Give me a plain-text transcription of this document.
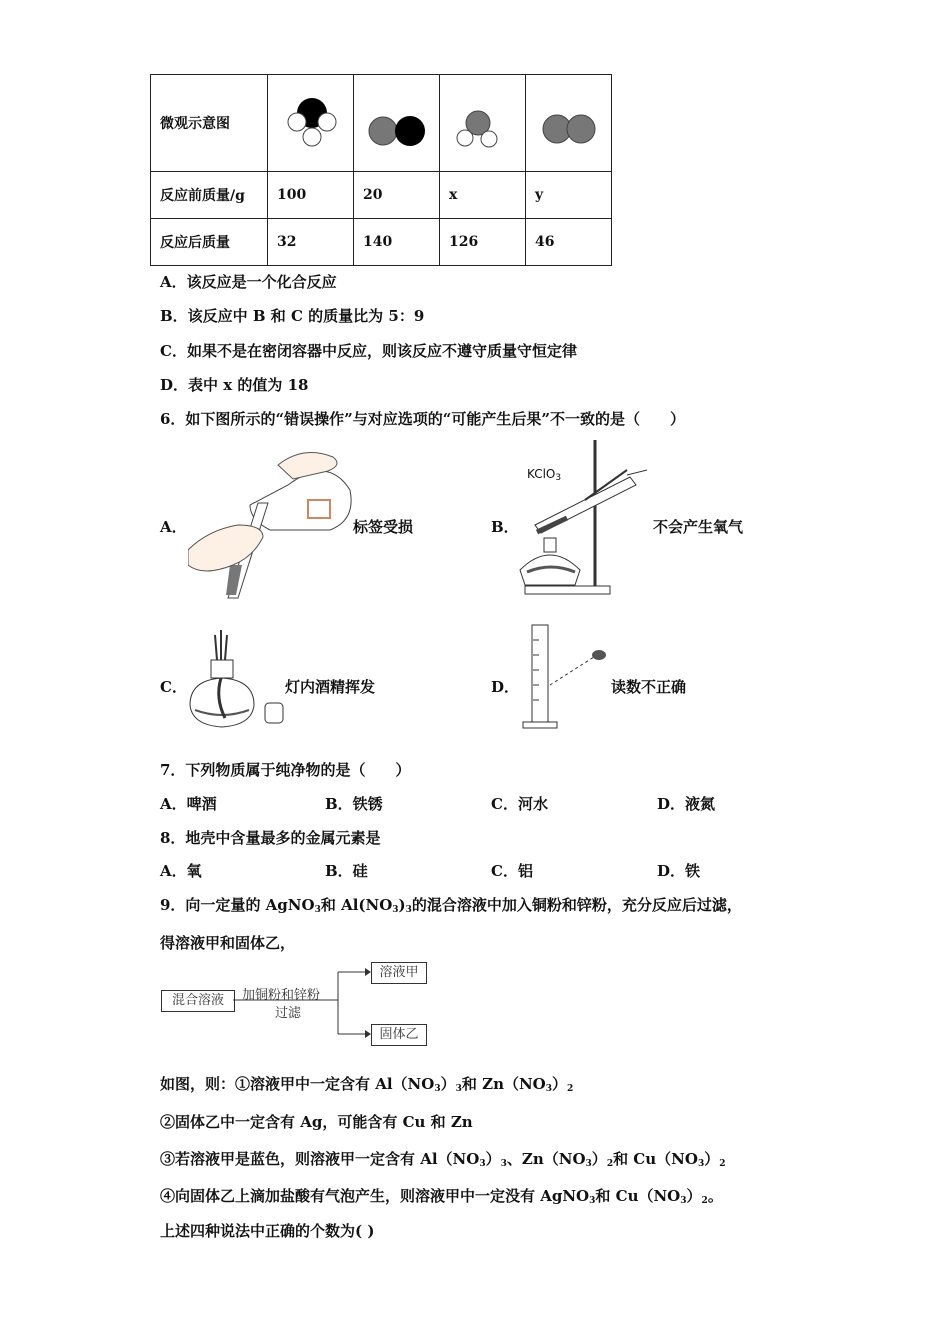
微观示意图				
反应前质量/g	100	20	x	y
反应后质量	32	140	126	46
A．该反应是一个化合反应
B．该反应中 B 和 C 的质量比为 5：9
C．如果不是在密闭容器中反应，则该反应不遵守质量守恒定律
D．表中 x 的值为 18
6．如下图所示的“错误操作”与对应选项的“可能产生后果”不一致的是（　　）
A．	标签受损	B．
KClO$_3$
不会产生氧气
C．	灯内酒精挥发	D．	读数不正确
7．下列物质属于纯净物的是（　　）
A．啤酒	B．铁锈	C．河水	D．液氮
8．地壳中含量最多的金属元素是
A．氧	B．硅	C．铝	D．铁
9．向一定量的 AgNO$_3$和 $Al(NO_3)_3$的混合溶液中加入铜粉和锌粉，充分反应后过滤，
得溶液甲和固体乙，
混合溶液	加铜粉和锌粉
过滤
溶液甲
固体乙
如图，则：①溶液甲中一定含有 $Al(NO_3)_3$和 $Zn(NO_3)_2$
②固体乙中一定含有 Ag，可能含有 Cu 和 Zn
③若溶液甲是蓝色，则溶液甲一定含有 $Al(NO_3)_3$、$Zn(NO_3)_2$和 $Cu(NO_3)_2$
④向固体乙上滴加盐酸有气泡产生，则溶液甲中一定没有 AgNO$_3$和 $Cu(NO_3)_2$。
上述四种说法中正确的个数为( )
